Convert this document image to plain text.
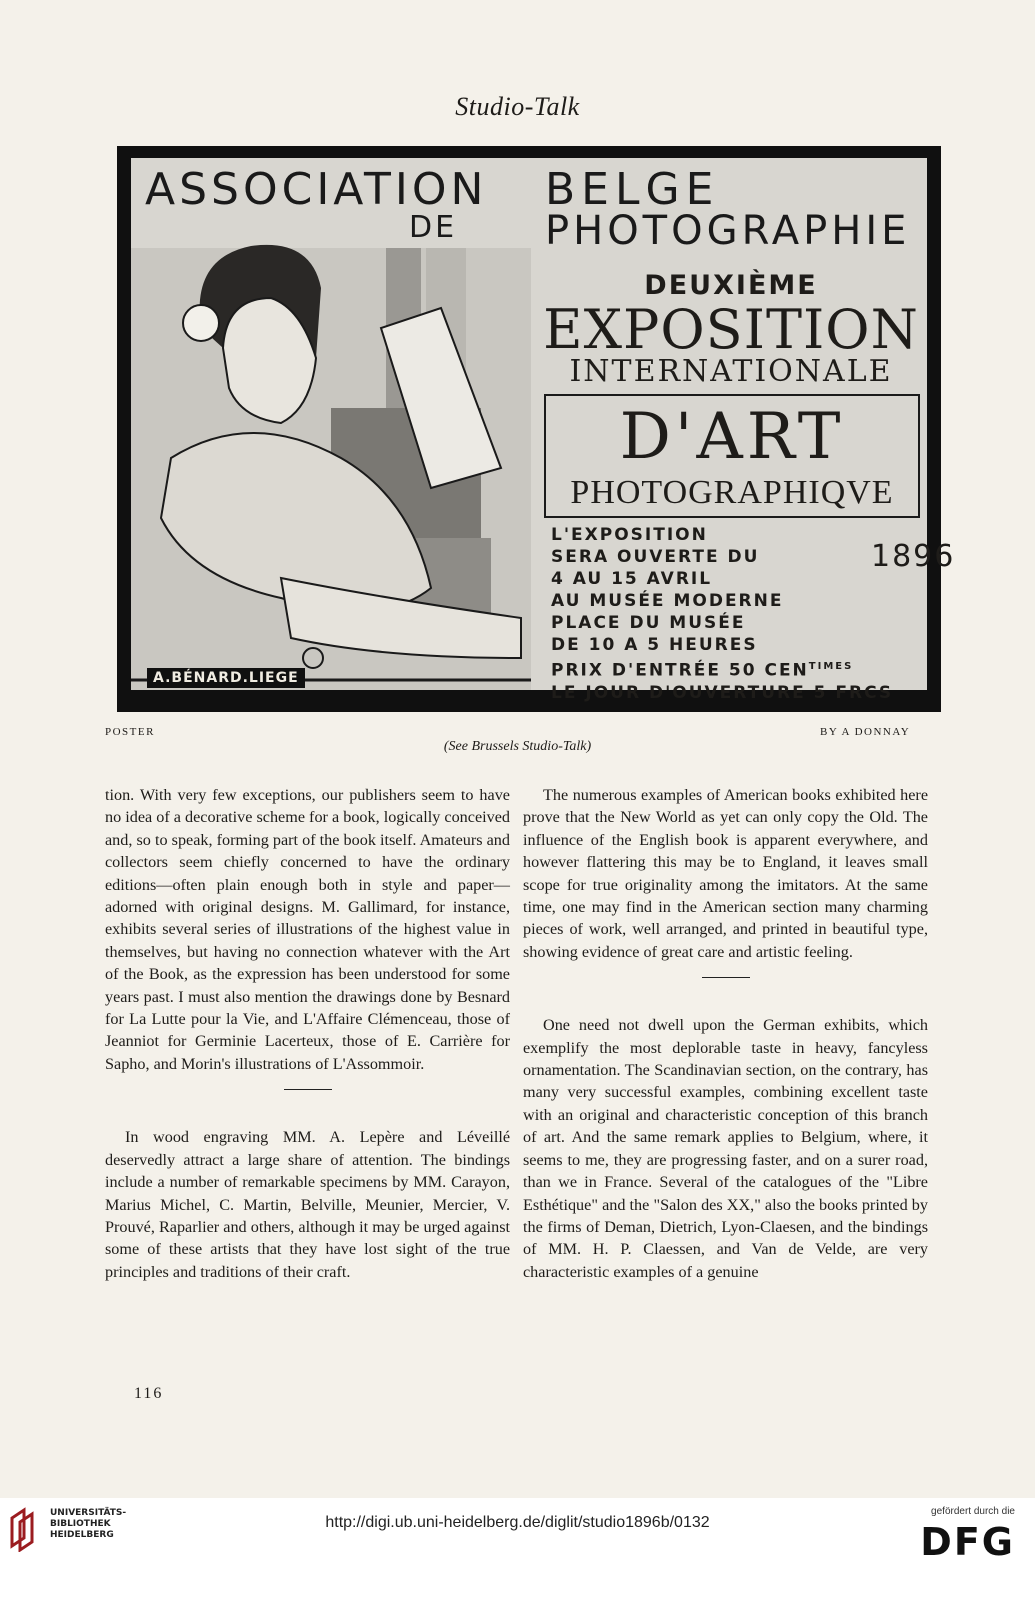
Studio-Talk
ASSOCIATION
DE
BELGE
PHOTOGRAPHIE
DEUXIÈME
EXPOSITION
INTERNATIONALE
D'ART
PHOTOGRAPHIQVE
L'EXPOSITION
SERA OUVERTE DU
4 AU 15 AVRIL
AU MUSÉE MODERNE
PLACE DU MUSÉE
DE 10 A 5 HEURES
PRIX D'ENTRÉE 50 $CEN^{TIMES}$
LE JOUR D'OUVERTURE 5 FRCS
1896
A.BÉNARD.LIEGE
POSTER	BY A DONNAY
(See Brussels Studio-Talk)

tion. With very few exceptions, our publishers seem to have no idea of a decorative scheme for a book, logically conceived and, so to speak, forming part of the book itself. Amateurs and collectors seem chiefly concerned to have the ordinary editions—often plain enough both in style and paper—adorned with original designs. M. Gallimard, for instance, exhibits several series of illustrations of the highest value in themselves, but having no connection whatever with the Art of the Book, as the expression has been understood for some years past. I must also mention the drawings done by Besnard for La Lutte pour la Vie, and L'Affaire Clémenceau, those of Jeanniot for Germinie Lacerteux, those of E. Carrière for Sapho, and Morin's illustrations of L'Assommoir.

In wood engraving MM. A. Lepère and Léveillé deservedly attract a large share of attention. The bindings include a number of remarkable specimens by MM. Carayon, Marius Michel, C. Martin, Belville, Meunier, Mercier, V. Prouvé, Raparlier and others, although it may be urged against some of these artists that they have lost sight of the true principles and traditions of their craft.

The numerous examples of American books exhibited here prove that the New World as yet can only copy the Old. The influence of the English book is apparent everywhere, and however flattering this may be to England, it leaves small scope for true originality among the imitators. At the same time, one may find in the American section many charming pieces of work, well arranged, and printed in beautiful type, showing evidence of great care and artistic feeling.

One need not dwell upon the German exhibits, which exemplify the most deplorable taste in heavy, fancyless ornamentation. The Scandinavian section, on the contrary, has many very successful examples, combining excellent taste with an original and characteristic conception of this branch of art. And the same remark applies to Belgium, where, it seems to me, they are progressing faster, and on a surer road, than we in France. Several of the catalogues of the "Libre Esthétique" and the "Salon des XX," also the books printed by the firms of Deman, Dietrich, Lyon-Claesen, and the bindings of MM. H. P. Claessen, and Van de Velde, are very characteristic examples of a genuine

116
UNIVERSITÄTS-
BIBLIOTHEK
HEIDELBERG
http://digi.ub.uni-heidelberg.de/diglit/studio1896b/0132
gefördert durch die
DFG
